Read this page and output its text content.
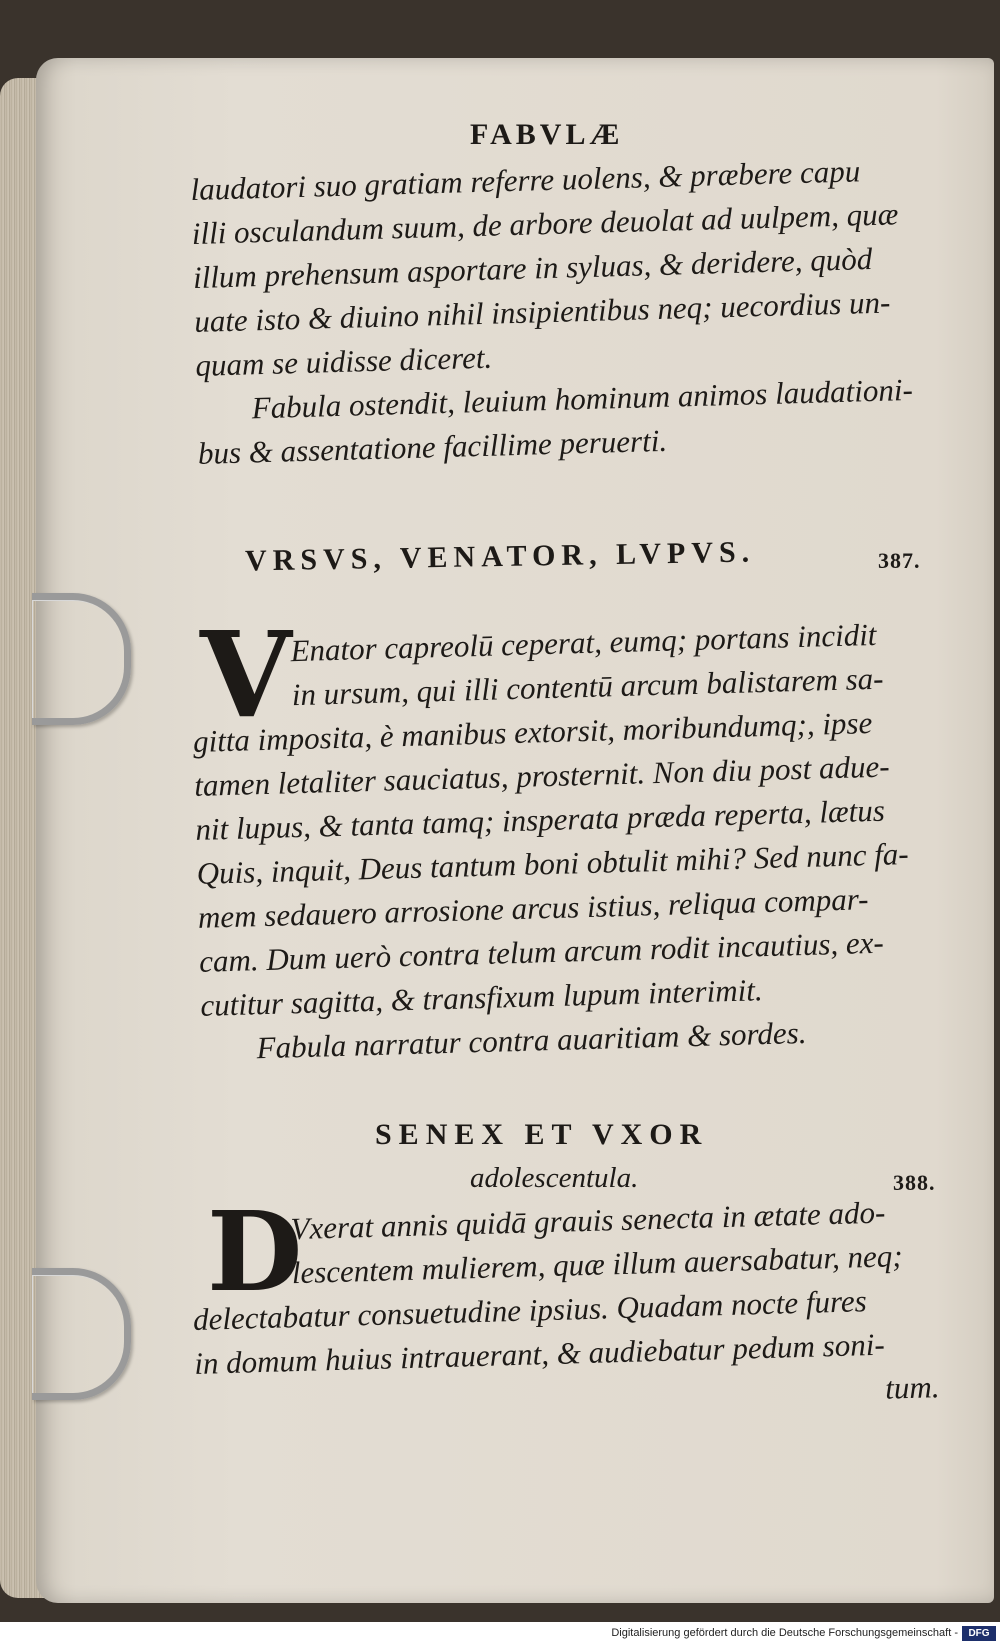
FABVLÆ
laudatori suo gratiam referre uolens, & præbere capu
illi osculandum suum, de arbore deuolat ad uulpem, quæ
illum prehensum asportare in syluas, & deridere, quòd
uate isto & diuino nihil insipientibus neq; uecordius un-
quam se uidisse diceret.
Fabula ostendit, leuium hominum animos laudationi-
bus & assentatione facillime peruerti.
VRSVS, VENATOR, LVPVS.	387.
V
Enator capreolū ceperat, eumq; portans incidit
in ursum, qui illi contentū arcum balistarem sa-
gitta imposita, è manibus extorsit, moribundumq;, ipse
tamen letaliter sauciatus, prosternit. Non diu post adue-
nit lupus, & tanta tamq; insperata præda reperta, lætus
Quis, inquit, Deus tantum boni obtulit mihi? Sed nunc fa-
mem sedauero arrosione arcus istius, reliqua compar-
cam. Dum uerò contra telum arcum rodit incautius, ex-
cutitur sagitta, & transfixum lupum interimit.
Fabula narratur contra auaritiam & sordes.
SENEX ET VXOR
adolescentula.	388.
D
Vxerat annis quidā grauis senecta in ætate ado-
lescentem mulierem, quæ illum auersabatur, neq;
delectabatur consuetudine ipsius. Quadam nocte fures
in domum huius intrauerant, & audiebatur pedum soni-
tum.
Digitalisierung gefördert durch die Deutsche Forschungsgemeinschaft -	DFG
